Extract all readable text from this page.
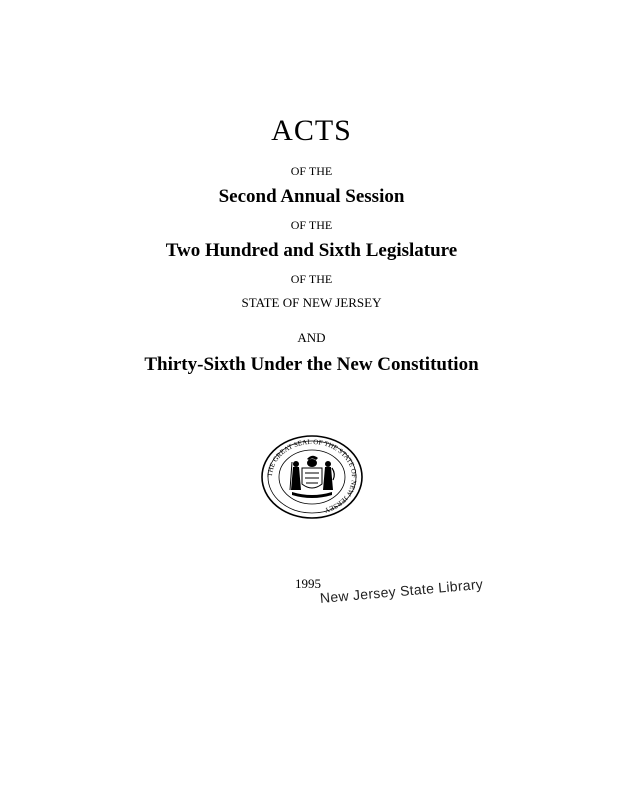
ACTS
OF THE
Second Annual Session
OF THE
Two Hundred and Sixth Legislature
OF THE
STATE OF NEW JERSEY
AND
Thirty-Sixth Under the New Constitution
THE GREAT SEAL OF THE STATE OF NEW JERSEY
1995
New Jersey State Library
